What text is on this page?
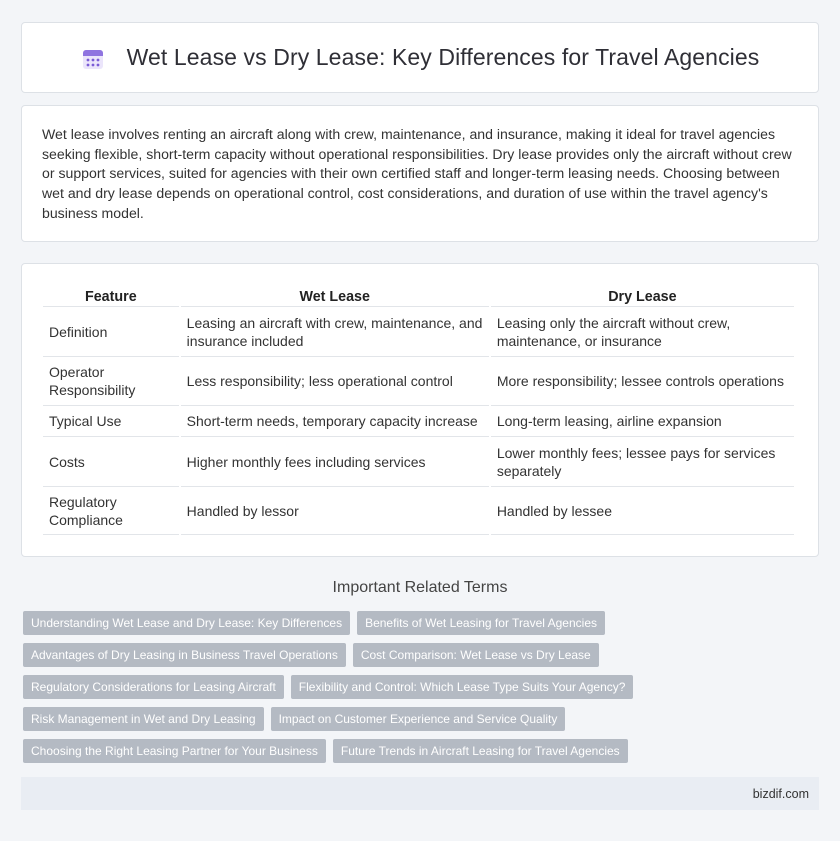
Wet Lease vs Dry Lease: Key Differences for Travel Agencies

Wet lease involves renting an aircraft along with crew, maintenance, and insurance, making it ideal for travel agencies seeking flexible, short-term capacity without operational responsibilities. Dry lease provides only the aircraft without crew or support services, suited for agencies with their own certified staff and longer-term leasing needs. Choosing between wet and dry lease depends on operational control, cost considerations, and duration of use within the travel agency's business model.

Feature	Wet Lease	Dry Lease
Definition	Leasing an aircraft with crew, maintenance, and insurance included	Leasing only the aircraft without crew, maintenance, or insurance
Operator Responsibility	Less responsibility; less operational control	More responsibility; lessee controls operations
Typical Use	Short-term needs, temporary capacity increase	Long-term leasing, airline expansion
Costs	Higher monthly fees including services	Lower monthly fees; lessee pays for services separately
Regulatory Compliance	Handled by lessor	Handled by lessee
Important Related Terms
Understanding Wet Lease and Dry Lease: Key Differences	Benefits of Wet Leasing for Travel Agencies
Advantages of Dry Leasing in Business Travel Operations	Cost Comparison: Wet Lease vs Dry Lease
Regulatory Considerations for Leasing Aircraft	Flexibility and Control: Which Lease Type Suits Your Agency?
Risk Management in Wet and Dry Leasing	Impact on Customer Experience and Service Quality
Choosing the Right Leasing Partner for Your Business	Future Trends in Aircraft Leasing for Travel Agencies
bizdif.com
